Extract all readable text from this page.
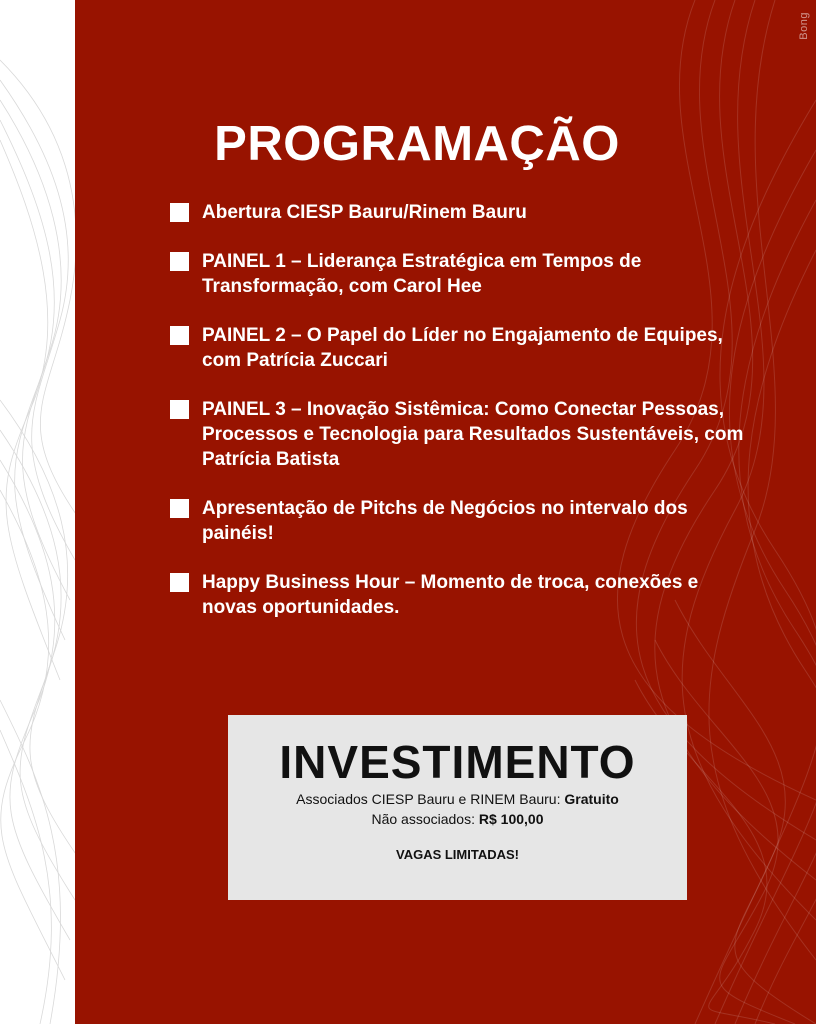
Bong
PROGRAMAÇÃO
Abertura CIESP Bauru/Rinem Bauru
PAINEL 1 – Liderança Estratégica em Tempos de Transformação, com Carol Hee
PAINEL 2 – O Papel do Líder no Engajamento de Equipes, com Patrícia Zuccari
PAINEL 3 – Inovação Sistêmica: Como Conectar Pessoas, Processos e Tecnologia para Resultados Sustentáveis, com Patrícia Batista
Apresentação de Pitchs de Negócios no intervalo dos painéis!
Happy Business Hour – Momento de troca, conexões e novas oportunidades.
INVESTIMENTO

Associados CIESP Bauru e RINEM Bauru: Gratuito

Não associados: R$ 100,00

VAGAS LIMITADAS!
